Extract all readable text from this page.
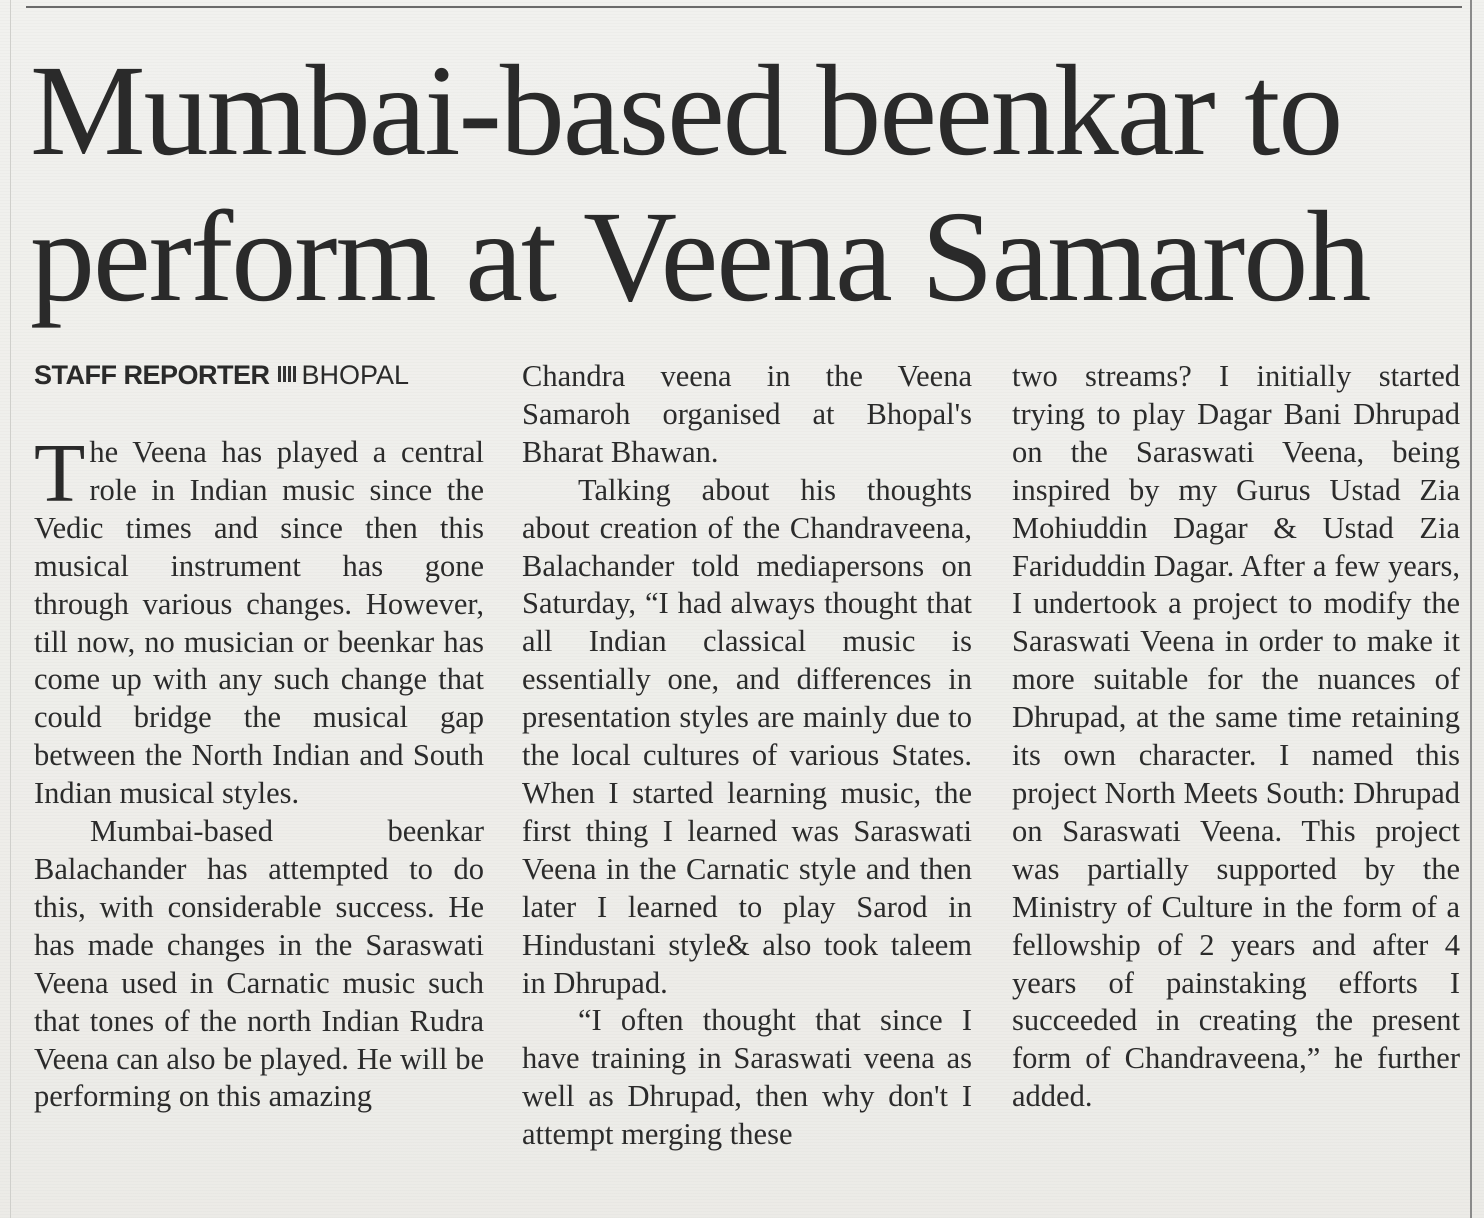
Mumbai-based beenkar to
perform at Veena Samaroh
STAFF REPORTER BHOPAL

The Veena has played a central role in Indian music since the Vedic times and since then this musical instrument has gone through various changes. However, till now, no musician or beenkar has come up with any such change that could bridge the musical gap between the North Indian and South Indian musical styles.

Mumbai-based beenkar Balachander has attempted to do this, with considerable success. He has made changes in the Saraswati Veena used in Carnatic music such that tones of the north Indian Rudra Veena can also be played. He will be performing on this amazing

Chandra veena in the Veena Samaroh organised at Bhopal's Bharat Bhawan.

Talking about his thoughts about creation of the Chandraveena, Balachander told mediapersons on Saturday, “I had always thought that all Indian classical music is essentially one, and differences in presentation styles are mainly due to the local cultures of various States. When I started learning music, the first thing I learned was Saraswati Veena in the Carnatic style and then later I learned to play Sarod in Hindustani style& also took taleem in Dhrupad.

“I often thought that since I have training in Saraswati veena as well as Dhrupad, then why don't I attempt merging these

two streams? I initially started trying to play Dagar Bani Dhrupad on the Saraswati Veena, being inspired by my Gurus Ustad Zia Mohiuddin Dagar & Ustad Zia Fariduddin Dagar. After a few years, I undertook a project to modify the Saraswati Veena in order to make it more suitable for the nuances of Dhrupad, at the same time retaining its own character. I named this project North Meets South: Dhrupad on Saraswati Veena. This project was partially supported by the Ministry of Culture in the form of a fellowship of 2 years and after 4 years of painstaking efforts I succeeded in creating the present form of Chandraveena,” he further added.
